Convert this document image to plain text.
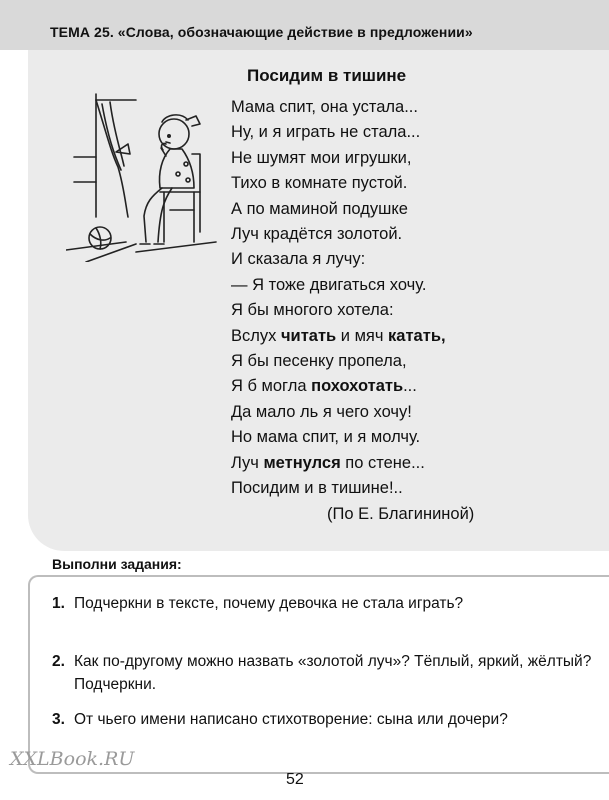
ТЕМА 25. «Слова, обозначающие действие в предложении»
Посидим в тишине
Мама спит, она устала...
Ну, и я играть не стала...
Не шумят мои игрушки,
Тихо в комнате пустой.
А по маминой подушке
Луч крадётся золотой.
И сказала я лучу:
— Я тоже двигаться хочу.
Я бы многого хотела:
Вслух читать и мяч катать,
Я бы песенку пропела,
Я б могла похохотать...
Да мало ль я чего хочу!
Но мама спит, и я молчу.
Луч метнулся по стене...
Посидим и в тишине!..
(По Е. Благининой)
Выполни задания:
1. Подчеркни в тексте, почему девочка не стала играть?
2. Как по-другому можно назвать «золотой луч»? Тёплый, яркий, жёлтый? Подчеркни.
3. От чьего имени написано стихотворение: сына или дочери?
XXLBook.RU
52
